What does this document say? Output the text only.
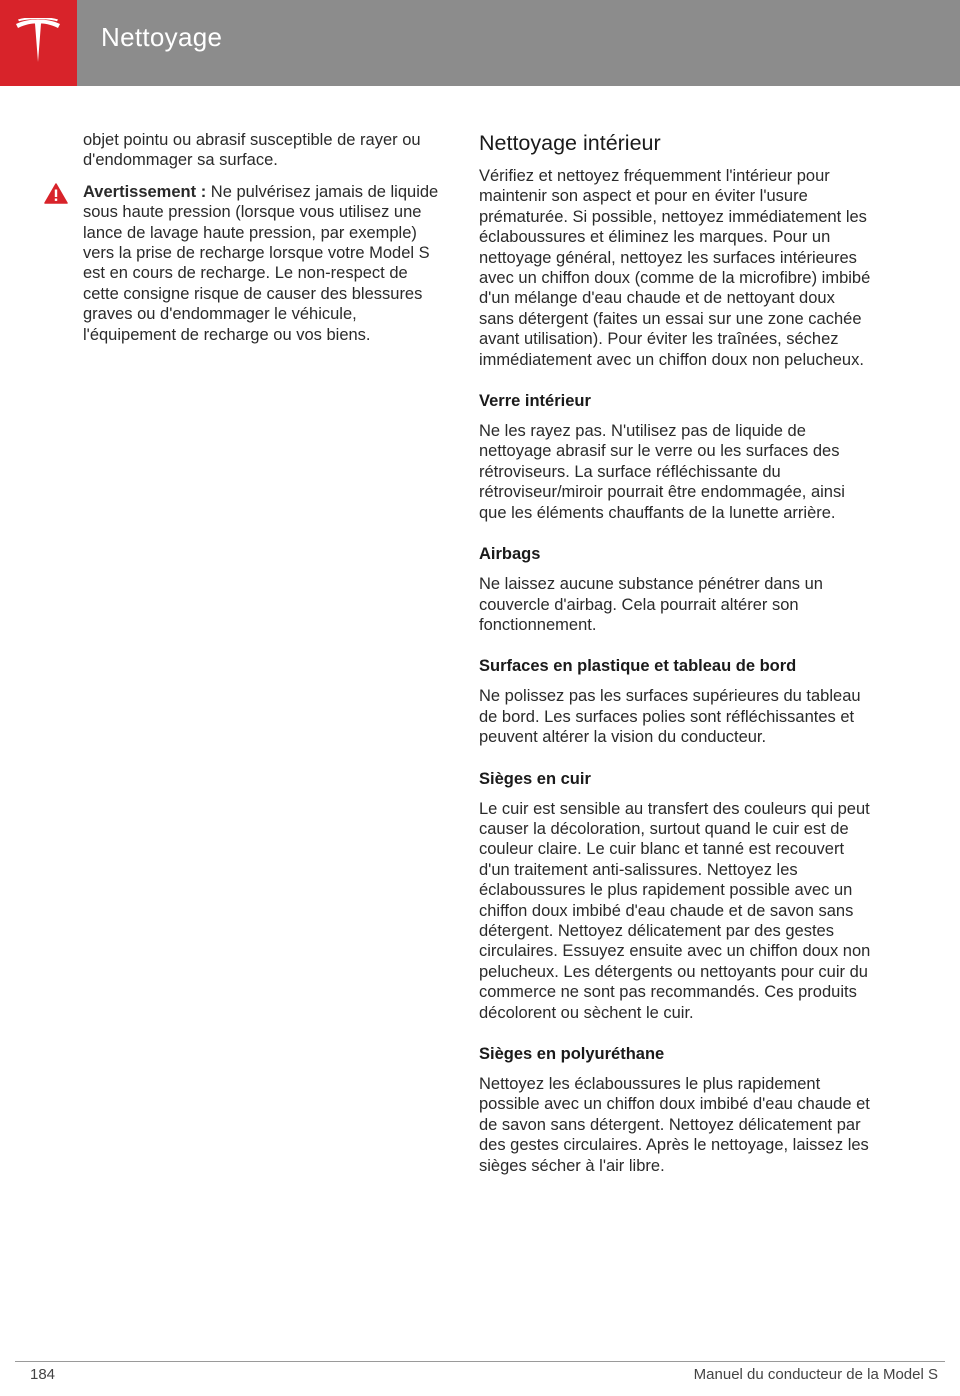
Nettoyage

objet pointu ou abrasif susceptible de rayer ou d'endommager sa surface.

Avertissement : Ne pulvérisez jamais de liquide sous haute pression (lorsque vous utilisez une lance de lavage haute pression, par exemple) vers la prise de recharge lorsque votre Model S est en cours de recharge. Le non-respect de cette consigne risque de causer des blessures graves ou d'endommager le véhicule, l'équipement de recharge ou vos biens.

Nettoyage intérieur

Vérifiez et nettoyez fréquemment l'intérieur pour maintenir son aspect et pour en éviter l'usure prématurée. Si possible, nettoyez immédiatement les éclaboussures et éliminez les marques. Pour un nettoyage général, nettoyez les surfaces intérieures avec un chiffon doux (comme de la microfibre) imbibé d'un mélange d'eau chaude et de nettoyant doux sans détergent (faites un essai sur une zone cachée avant utilisation). Pour éviter les traînées, séchez immédiatement avec un chiffon doux non pelucheux.

Verre intérieur

Ne les rayez pas. N'utilisez pas de liquide de nettoyage abrasif sur le verre ou les surfaces des rétroviseurs. La surface réfléchissante du rétroviseur/miroir pourrait être endommagée, ainsi que les éléments chauffants de la lunette arrière.

Airbags

Ne laissez aucune substance pénétrer dans un couvercle d'airbag. Cela pourrait altérer son fonctionnement.

Surfaces en plastique et tableau de bord

Ne polissez pas les surfaces supérieures du tableau de bord. Les surfaces polies sont réfléchissantes et peuvent altérer la vision du conducteur.

Sièges en cuir

Le cuir est sensible au transfert des couleurs qui peut causer la décoloration, surtout quand le cuir est de couleur claire. Le cuir blanc et tanné est recouvert d'un traitement anti-salissures. Nettoyez les éclaboussures le plus rapidement possible avec un chiffon doux imbibé d'eau chaude et de savon sans détergent. Nettoyez délicatement par des gestes circulaires. Essuyez ensuite avec un chiffon doux non pelucheux. Les détergents ou nettoyants pour cuir du commerce ne sont pas recommandés. Ces produits décolorent ou sèchent le cuir.

Sièges en polyuréthane

Nettoyez les éclaboussures le plus rapidement possible avec un chiffon doux imbibé d'eau chaude et de savon sans détergent. Nettoyez délicatement par des gestes circulaires. Après le nettoyage, laissez les sièges sécher à l'air libre.

184	Manuel du conducteur de la Model S
